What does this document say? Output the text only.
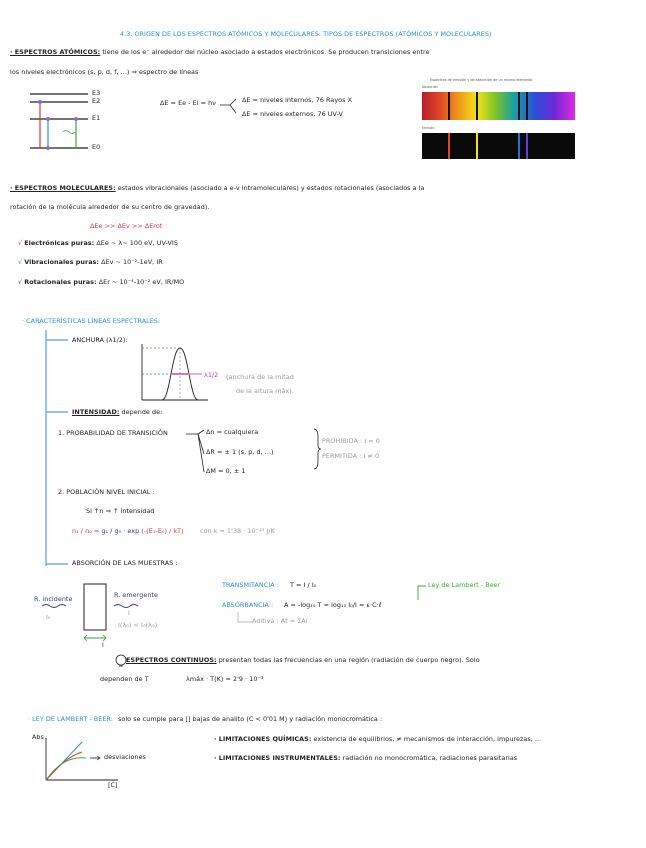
4.3. ORIGEN DE LOS ESPECTROS ATÓMICOS Y MOLECULARES. TIPOS DE ESPECTROS (ATÓMICOS Y MOLECULARES)
· ESPECTROS ATÓMICOS: tiene de los e⁻ alrededor del núcleo asociado a estados electrónicos. Se producen transiciones entre
los niveles electrónicos (s, p, d, f, ...) ⇒ espectro de líneas
E3
E2
E1
E0
ΔE = Ee - Ei = hν	ΔE = niveles internos, 76 Rayos X
ΔE = niveles externos, 76 UV-V
Espectros de emisión y de absorción de un mismo elemento
Absorción
Emisión
· ESPECTROS MOLECULARES: estados vibracionales (asociado a e-v intramoleculares) y estados rotacionales (asociados a la
rotación de la molécula alrededor de su centro de gravedad).
ΔEe >> ΔEv >> ΔErot
√ Electrónicas puras: ΔEe ~ λ~ 100 eV, UV-VIS
√ Vibracionales puras: ΔEv ~ 10⁻²-1eV, IR
√ Rotacionales puras: ΔEr ~ 10⁻⁴-10⁻² eV, IR/MO
· CARACTERÍSTICAS LÍNEAS ESPECTRALES:
ANCHURA (λ1/2):
λ1/2 (anchura de la mitad
de la altura máx).
INTENSIDAD: depende de:
1. PROBABILIDAD DE TRANSICIÓN	Δn = cualquiera
ΔR = ± 1 (s, p, d, ...)
ΔM = 0, ± 1
PROHIBIDA : I = 0
PERMITIDA : I ≠ 0
2. POBLACIÓN NIVEL INICIAL :
Si ↑n ⇒ ↑ intensidad
n₁ / n₀ = g₁ / g₀ · exp (-(E₁-E₀) / kT)	con k = 1'38 · 10⁻²³ J/K
ABSORCIÓN DE LAS MUESTRAS :
R. incidente
I₀
l
R. emergente
I
I(λ₀) < I₀(λ₀)
TRANSMITANCIA : T = I / I₀
ABSORBANCIA : A = -log₁₀ T = log₁₀ I₀/I = ε·C·ℓ
Ley de Lambert - Beer
Aditiva : At = ΣAi
ESPECTROS CONTINUOS: presentan todas las frecuencias en una región (radiación de cuerpo negro). Solo
dependen de T	λmáx · T(K) = 2'9 · 10⁻³
· LEY DE LAMBERT - BEER: solo se cumple para [] bajas de analito (C < 0'01 M) y radiación monocromática :
Abs
desviaciones
[C]
· LIMITACIONES QUÍMICAS: existencia de equilibrios, ≠ mecanismos de interacción, impurezas, ...
· LIMITACIONES INSTRUMENTALES: radiación no monocromática, radiaciones parasitarias
